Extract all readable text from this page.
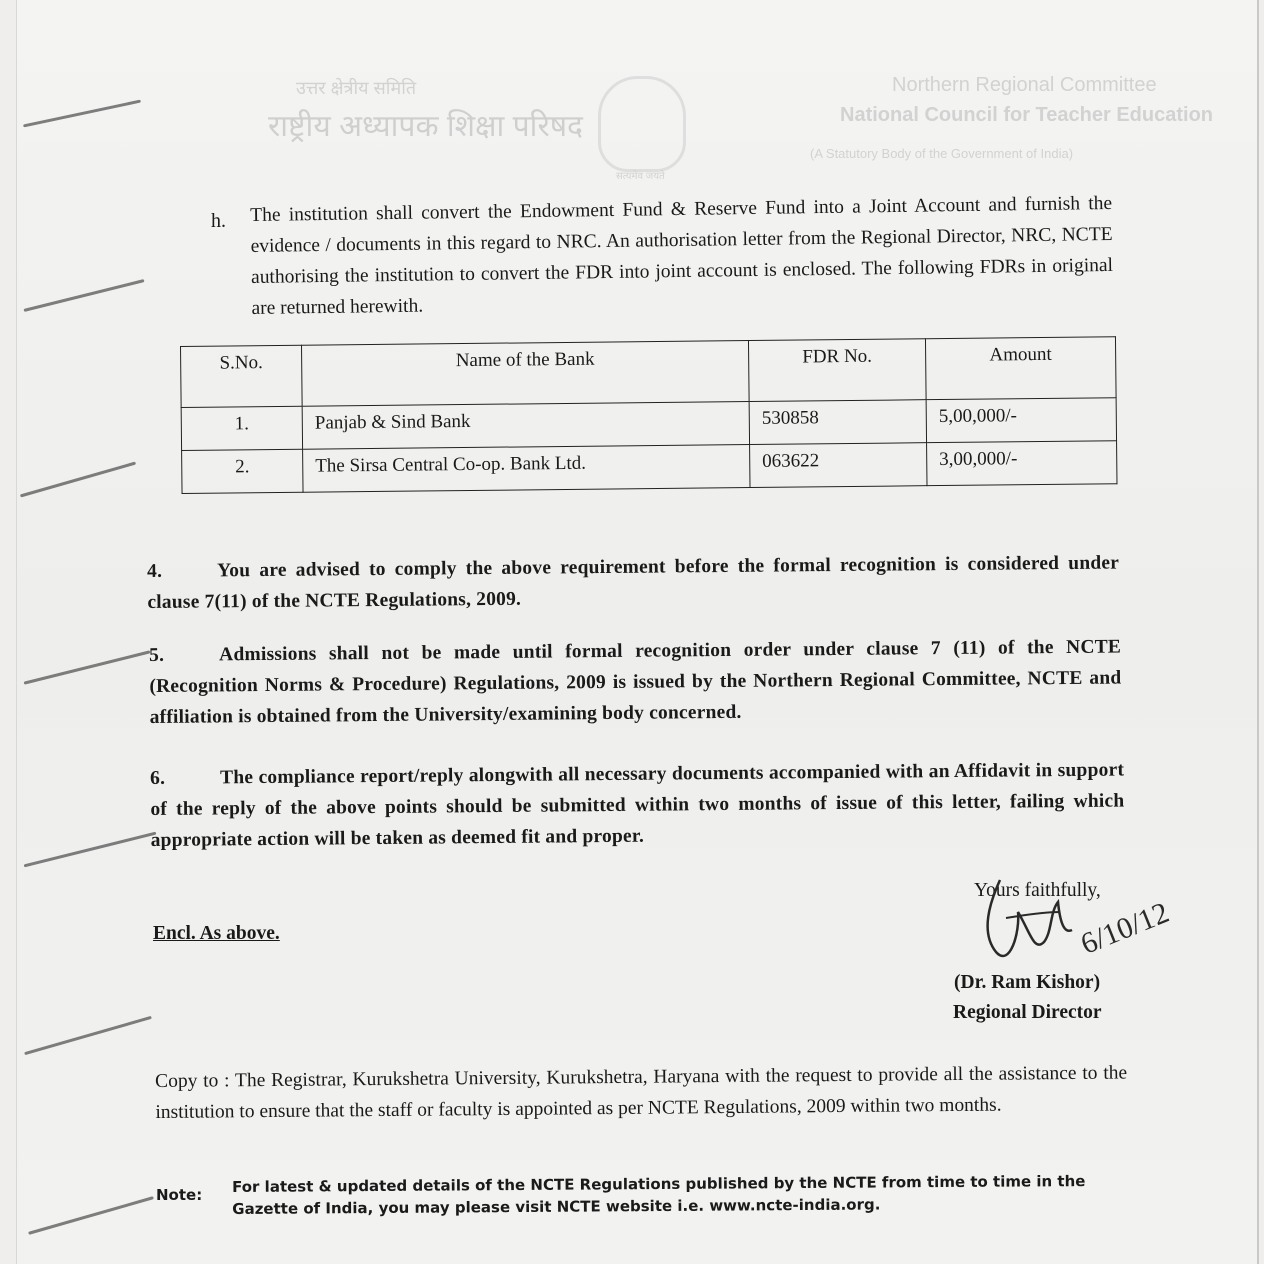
उत्तर क्षेत्रीय समिति
राष्ट्रीय अध्यापक शिक्षा परिषद
सत्यमेव जयते
Northern Regional Committee
National Council for Teacher Education
(A Statutory Body of the Government of India)
h. The institution shall convert the Endowment Fund & Reserve Fund into a Joint Account and furnish the evidence / documents in this regard to NRC. An authorisation letter from the Regional Director, NRC, NCTE authorising the institution to convert the FDR into joint account is enclosed. The following FDRs in original are returned herewith.
S.No.	Name of the Bank	FDR No.	Amount
1.	Panjab & Sind Bank	530858	5,00,000/-
2.	The Sirsa Central Co-op. Bank Ltd.	063622	3,00,000/-
4.	You are advised to comply the above requirement before the formal recognition is considered under clause 7(11) of the NCTE Regulations, 2009.
5.	Admissions shall not be made until formal recognition order under clause 7 (11) of the NCTE (Recognition Norms & Procedure) Regulations, 2009 is issued by the Northern Regional Committee, NCTE and affiliation is obtained from the University/examining body concerned.
6.	The compliance report/reply alongwith all necessary documents accompanied with an Affidavit in support of the reply of the above points should be submitted within two months of issue of this letter, failing which appropriate action will be taken as deemed fit and proper.
Yours faithfully,
6/10/12
Encl. As above.
(Dr. Ram Kishor)
Regional Director
Copy to : The Registrar, Kurukshetra University, Kurukshetra, Haryana with the request to provide all the assistance to the institution to ensure that the staff or faculty is appointed as per NCTE Regulations, 2009 within two months.
Note: For latest & updated details of the NCTE Regulations published by the NCTE from time to time in the Gazette of India, you may please visit NCTE website i.e. www.ncte-india.org.
